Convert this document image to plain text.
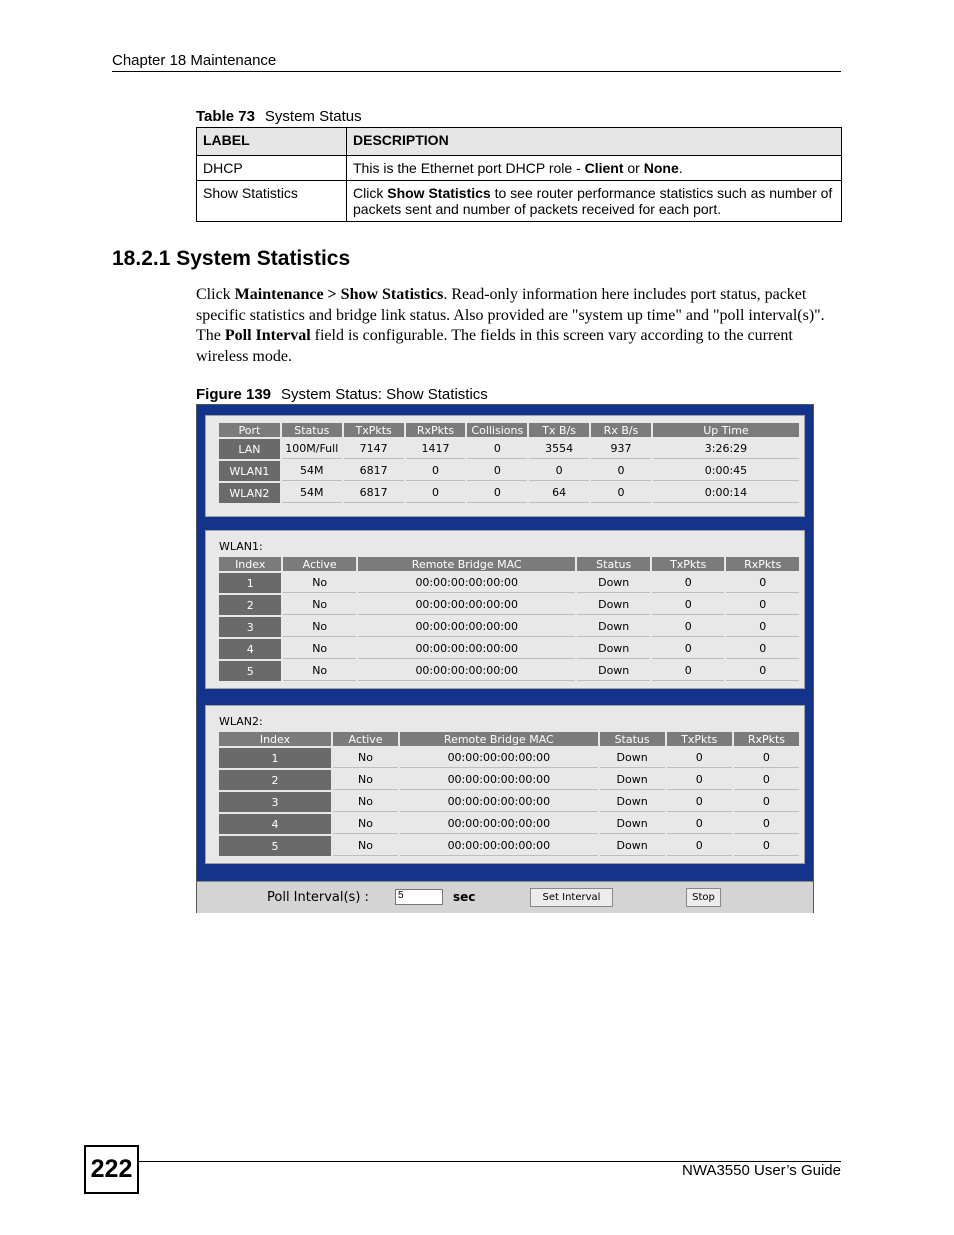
Chapter 18 Maintenance
Table 73 System Status
LABEL	DESCRIPTION
DHCP	This is the Ethernet port DHCP role - Client or None.
Show Statistics	Click Show Statistics to see router performance statistics such as number of packets sent and number of packets received for each port.
18.2.1 System Statistics
Click Maintenance > Show Statistics. Read-only information here includes port status, packet specific statistics and bridge link status. Also provided are "system up time" and "poll interval(s)". The Poll Interval field is configurable. The fields in this screen vary according to the current wireless mode.
Figure 139 System Status: Show Statistics
Port	Status	TxPkts	RxPkts	Collisions	Tx B/s	Rx B/s	Up Time
LAN	100M/Full	7147	1417	0	3554	937	3:26:29
WLAN1	54M	6817	0	0	0	0	0:00:45
WLAN2	54M	6817	0	0	64	0	0:00:14
WLAN1:
Index	Active	Remote Bridge MAC	Status	TxPkts	RxPkts
1	No	00:00:00:00:00:00	Down	0	0
2	No	00:00:00:00:00:00	Down	0	0
3	No	00:00:00:00:00:00	Down	0	0
4	No	00:00:00:00:00:00	Down	0	0
5	No	00:00:00:00:00:00	Down	0	0
WLAN2:
Index	Active	Remote Bridge MAC	Status	TxPkts	RxPkts
1	No	00:00:00:00:00:00	Down	0	0
2	No	00:00:00:00:00:00	Down	0	0
3	No	00:00:00:00:00:00	Down	0	0
4	No	00:00:00:00:00:00	Down	0	0
5	No	00:00:00:00:00:00	Down	0	0
Poll Interval(s) :	5	sec	Set Interval	Stop
222	NWA3550 User’s Guide
